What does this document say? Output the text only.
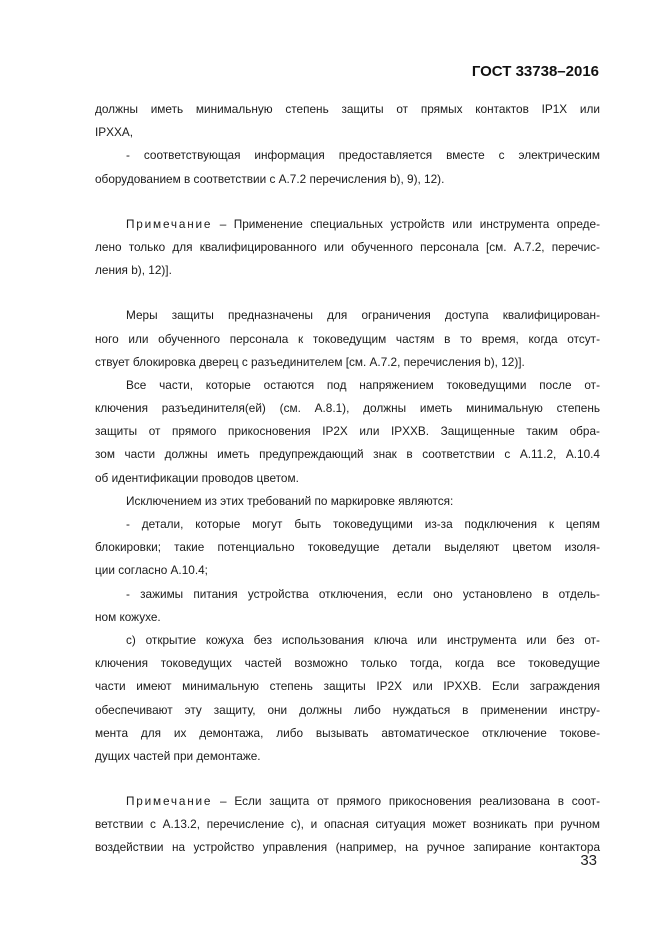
ГОСТ 33738–2016
должны иметь минимальную степень защиты от прямых контактов IP1X или
IPXXA,
- соответствующая информация предоставляется вместе с электрическим
оборудованием в соответствии с А.7.2 перечисления b), 9), 12).
Примечание – Применение специальных устройств или инструмента опреде-
лено только для квалифицированного или обученного персонала [см. А.7.2, перечис-
ления b), 12)].
Меры защиты предназначены для ограничения доступа квалифицирован-
ного или обученного персонала к токоведущим частям в то время, когда отсут-
ствует блокировка дверец с разъединителем [см. А.7.2, перечисления b), 12)].
Все части, которые остаются под напряжением токоведущими после от-
ключения разъединителя(ей) (см. А.8.1), должны иметь минимальную степень
защиты от прямого прикосновения IP2X или IPXXB. Защищенные таким обра-
зом части должны иметь предупреждающий знак в соответствии с А.11.2, А.10.4
об идентификации проводов цветом.
Исключением из этих требований по маркировке являются:
- детали, которые могут быть токоведущими из-за подключения к цепям
блокировки; такие потенциально токоведущие детали выделяют цветом изоля-
ции согласно А.10.4;
- зажимы питания устройства отключения, если оно установлено в отдель-
ном кожухе.
с) открытие кожуха без использования ключа или инструмента или без от-
ключения токоведущих частей возможно только тогда, когда все токоведущие
части имеют минимальную степень защиты IP2X или IPXXB. Если заграждения
обеспечивают эту защиту, они должны либо нуждаться в применении инстру-
мента для их демонтажа, либо вызывать автоматическое отключение токове-
дущих частей при демонтаже.
Примечание – Если защита от прямого прикосновения реализована в соот-
ветствии с А.13.2, перечисление с), и опасная ситуация может возникать при ручном
воздействии на устройство управления (например, на ручное запирание контактора
33
